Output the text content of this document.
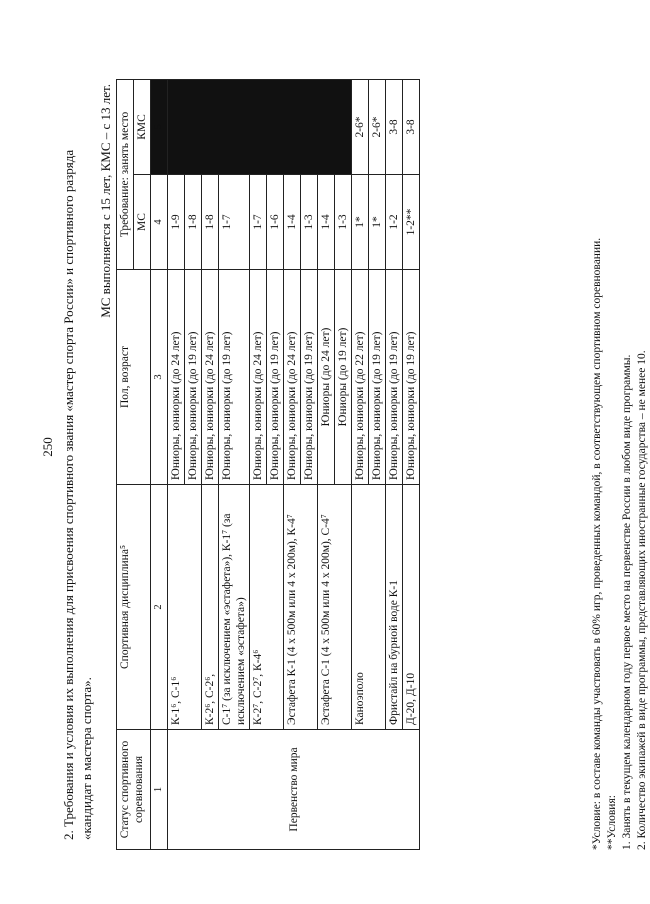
250 2. Требования и условия их выполнения для присвоения спортивного звания «мастер спорта России» и спортивного разряда «кандидат в мастера спорта».

МС выполняется с 15 лет, КМС – с 13 лет.
Статус спортивного соревнования	Спортивная дисциплина⁵	Пол, возраст	Требование: занять место	
			МС	КМС
1	2	3	4	5
Первенство мира	К-1⁶, С-1⁶	Юниоры, юниорки (до 24 лет)	1-9	
		Юниоры, юниорки (до 19 лет)	1-8	
	К-2⁶, С-2⁶,	Юниоры, юниорки (до 24 лет)	1-8	
	С-1⁷ (за исключением «эстафета»), К-1⁷ (за исключением «эстафета»)	Юниоры, юниорки (до 19 лет)	1-7	
	К-2⁷, С-2⁷, К-4⁶	Юниоры, юниорки (до 24 лет)	1-7	
		Юниоры, юниорки (до 19 лет)	1-6	
	Эстафета К-1 (4 x 500м или 4 x 200м), К-4⁷	Юниоры, юниорки (до 24 лет)	1-4	
		Юниоры, юниорки (до 19 лет)	1-3	
	Эстафета С-1 (4 x 500м или 4 x 200м), С-4⁷	Юниоры (до 24 лет)	1-4	
		Юниоры (до 19 лет)	1-3	
	Каноэполо	Юниоры, юниорки (до 22 лет)	1*	2-6*
		Юниоры, юниорки (до 19 лет)	1*	2-6*
	Фристайл на бурной воде К-1	Юниоры, юниорки (до 19 лет)	1-2	3-8
	Д-20, Д-10	Юниоры, юниорки (до 19 лет)	1-2**	3-8

*Условие: в составе команды участвовать в 60% игр, проведенных командой, в соответствующем спортивном соревновании. **Условия: 1. Занять в текущем календарном году первое место на первенстве России в любом виде программы. 2. Количество экипажей в виде программы, представляющих иностранные государства – не менее 10.
